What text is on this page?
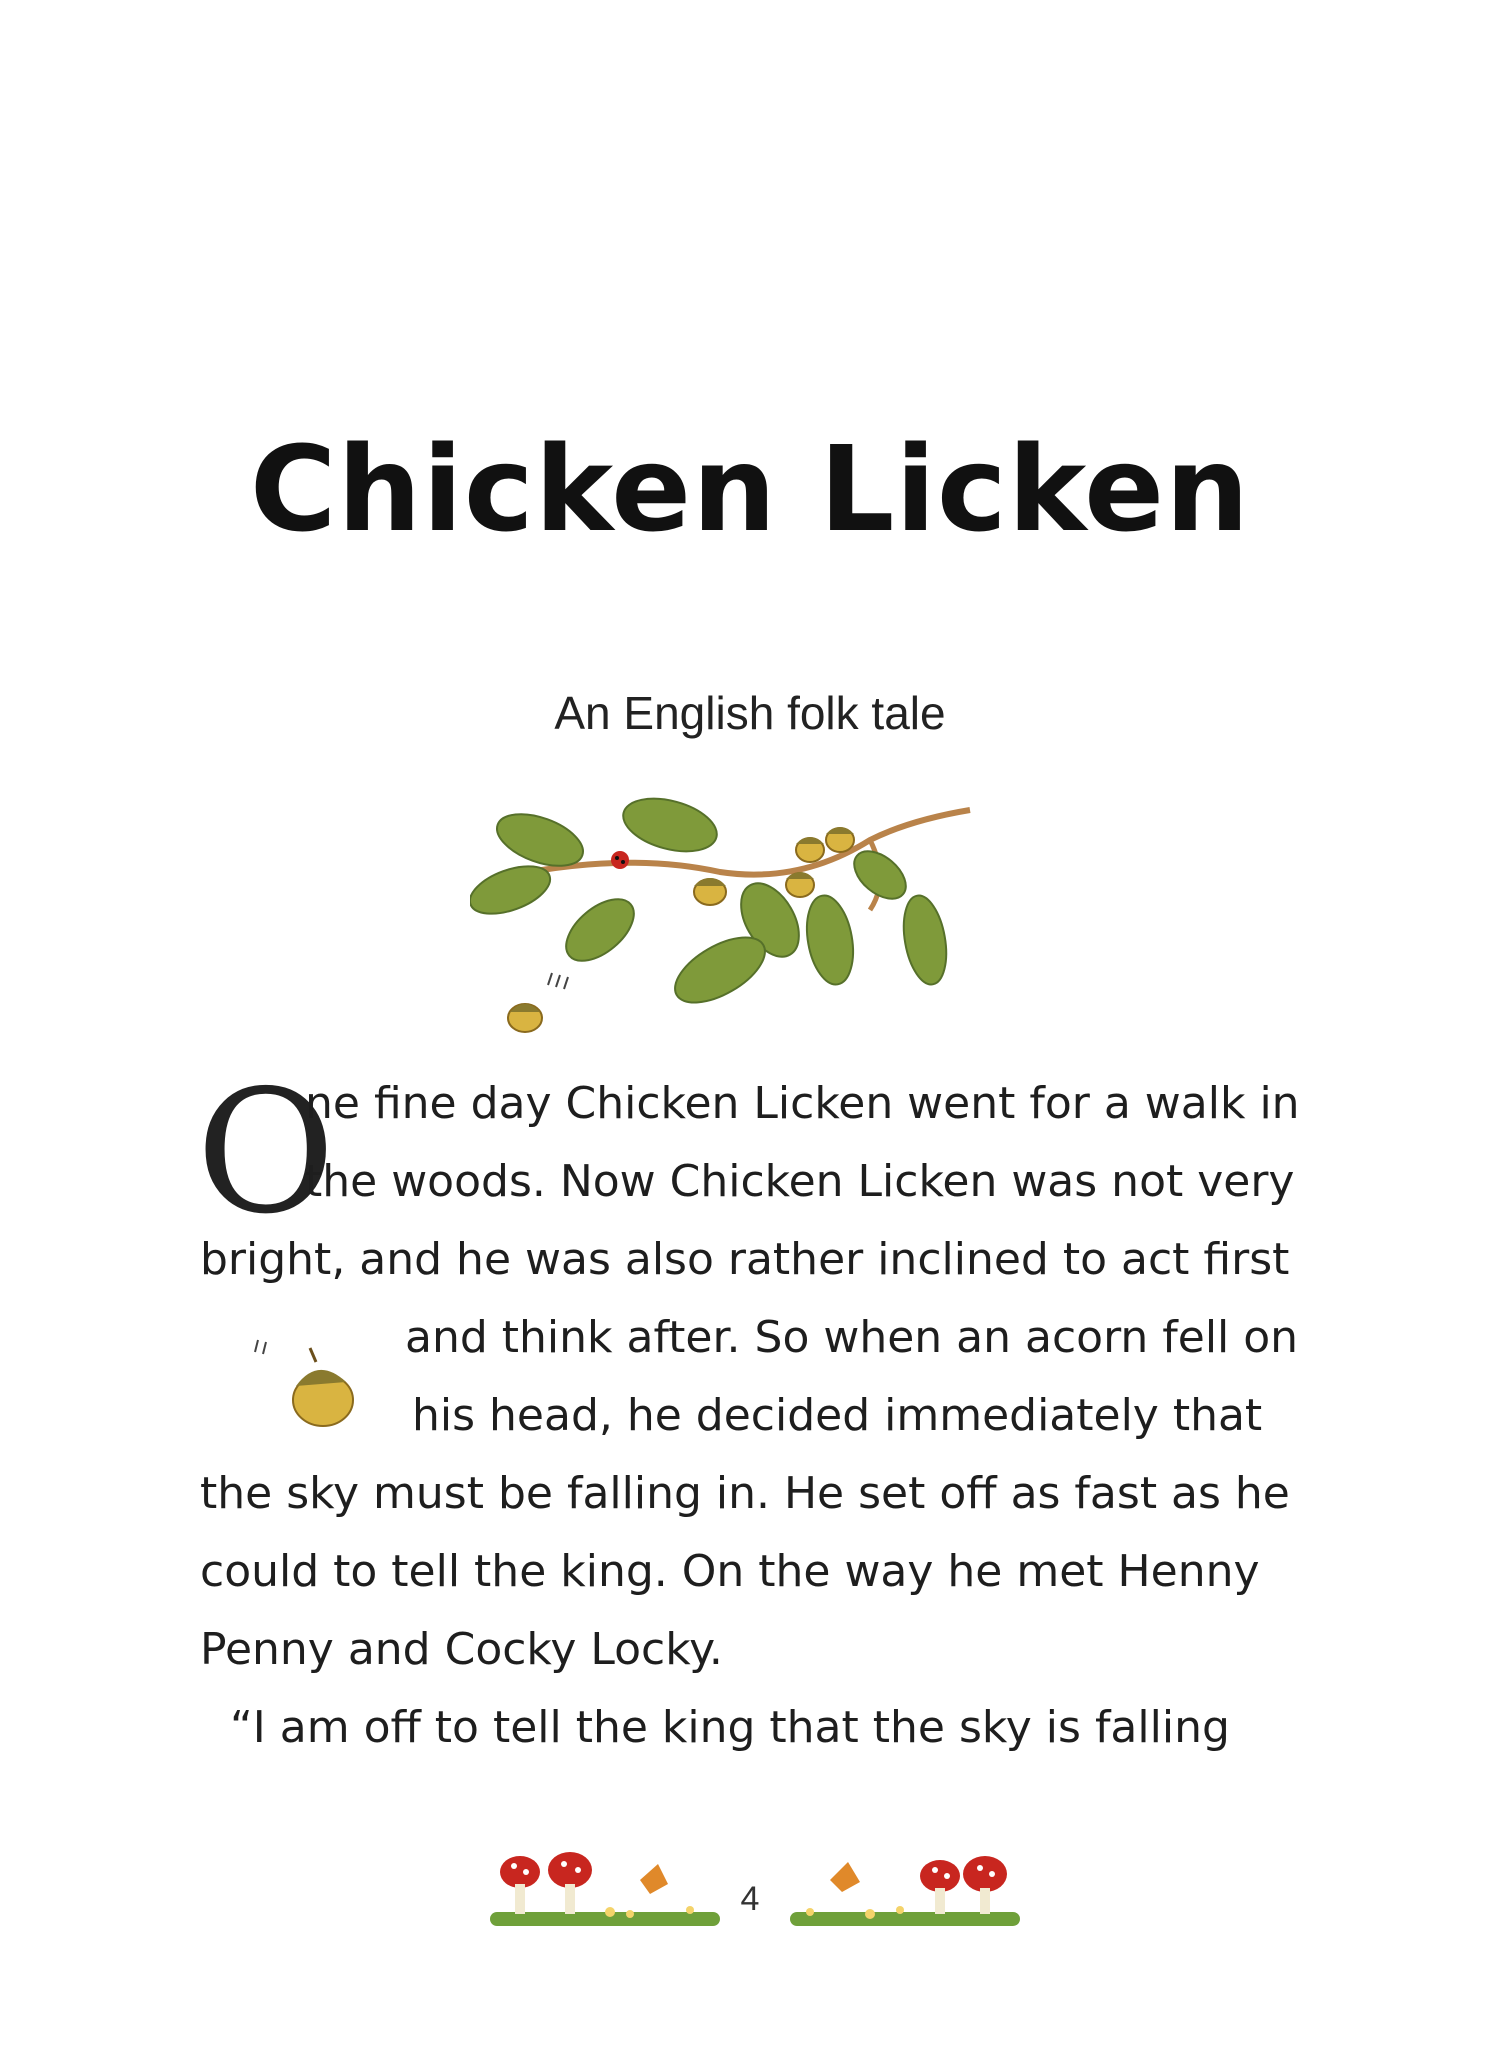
Chicken Licken
An English folk tale
O
ne fine day Chicken Licken went for a walk in
the woods. Now Chicken Licken was not very
bright, and he was also rather inclined to act first
and think after. So when an acorn fell on
his head, he decided immediately that
the sky must be falling in. He set off as fast as he
could to tell the king. On the way he met Henny
Penny and Cocky Locky.
“I am off to tell the king that the sky is falling
4
